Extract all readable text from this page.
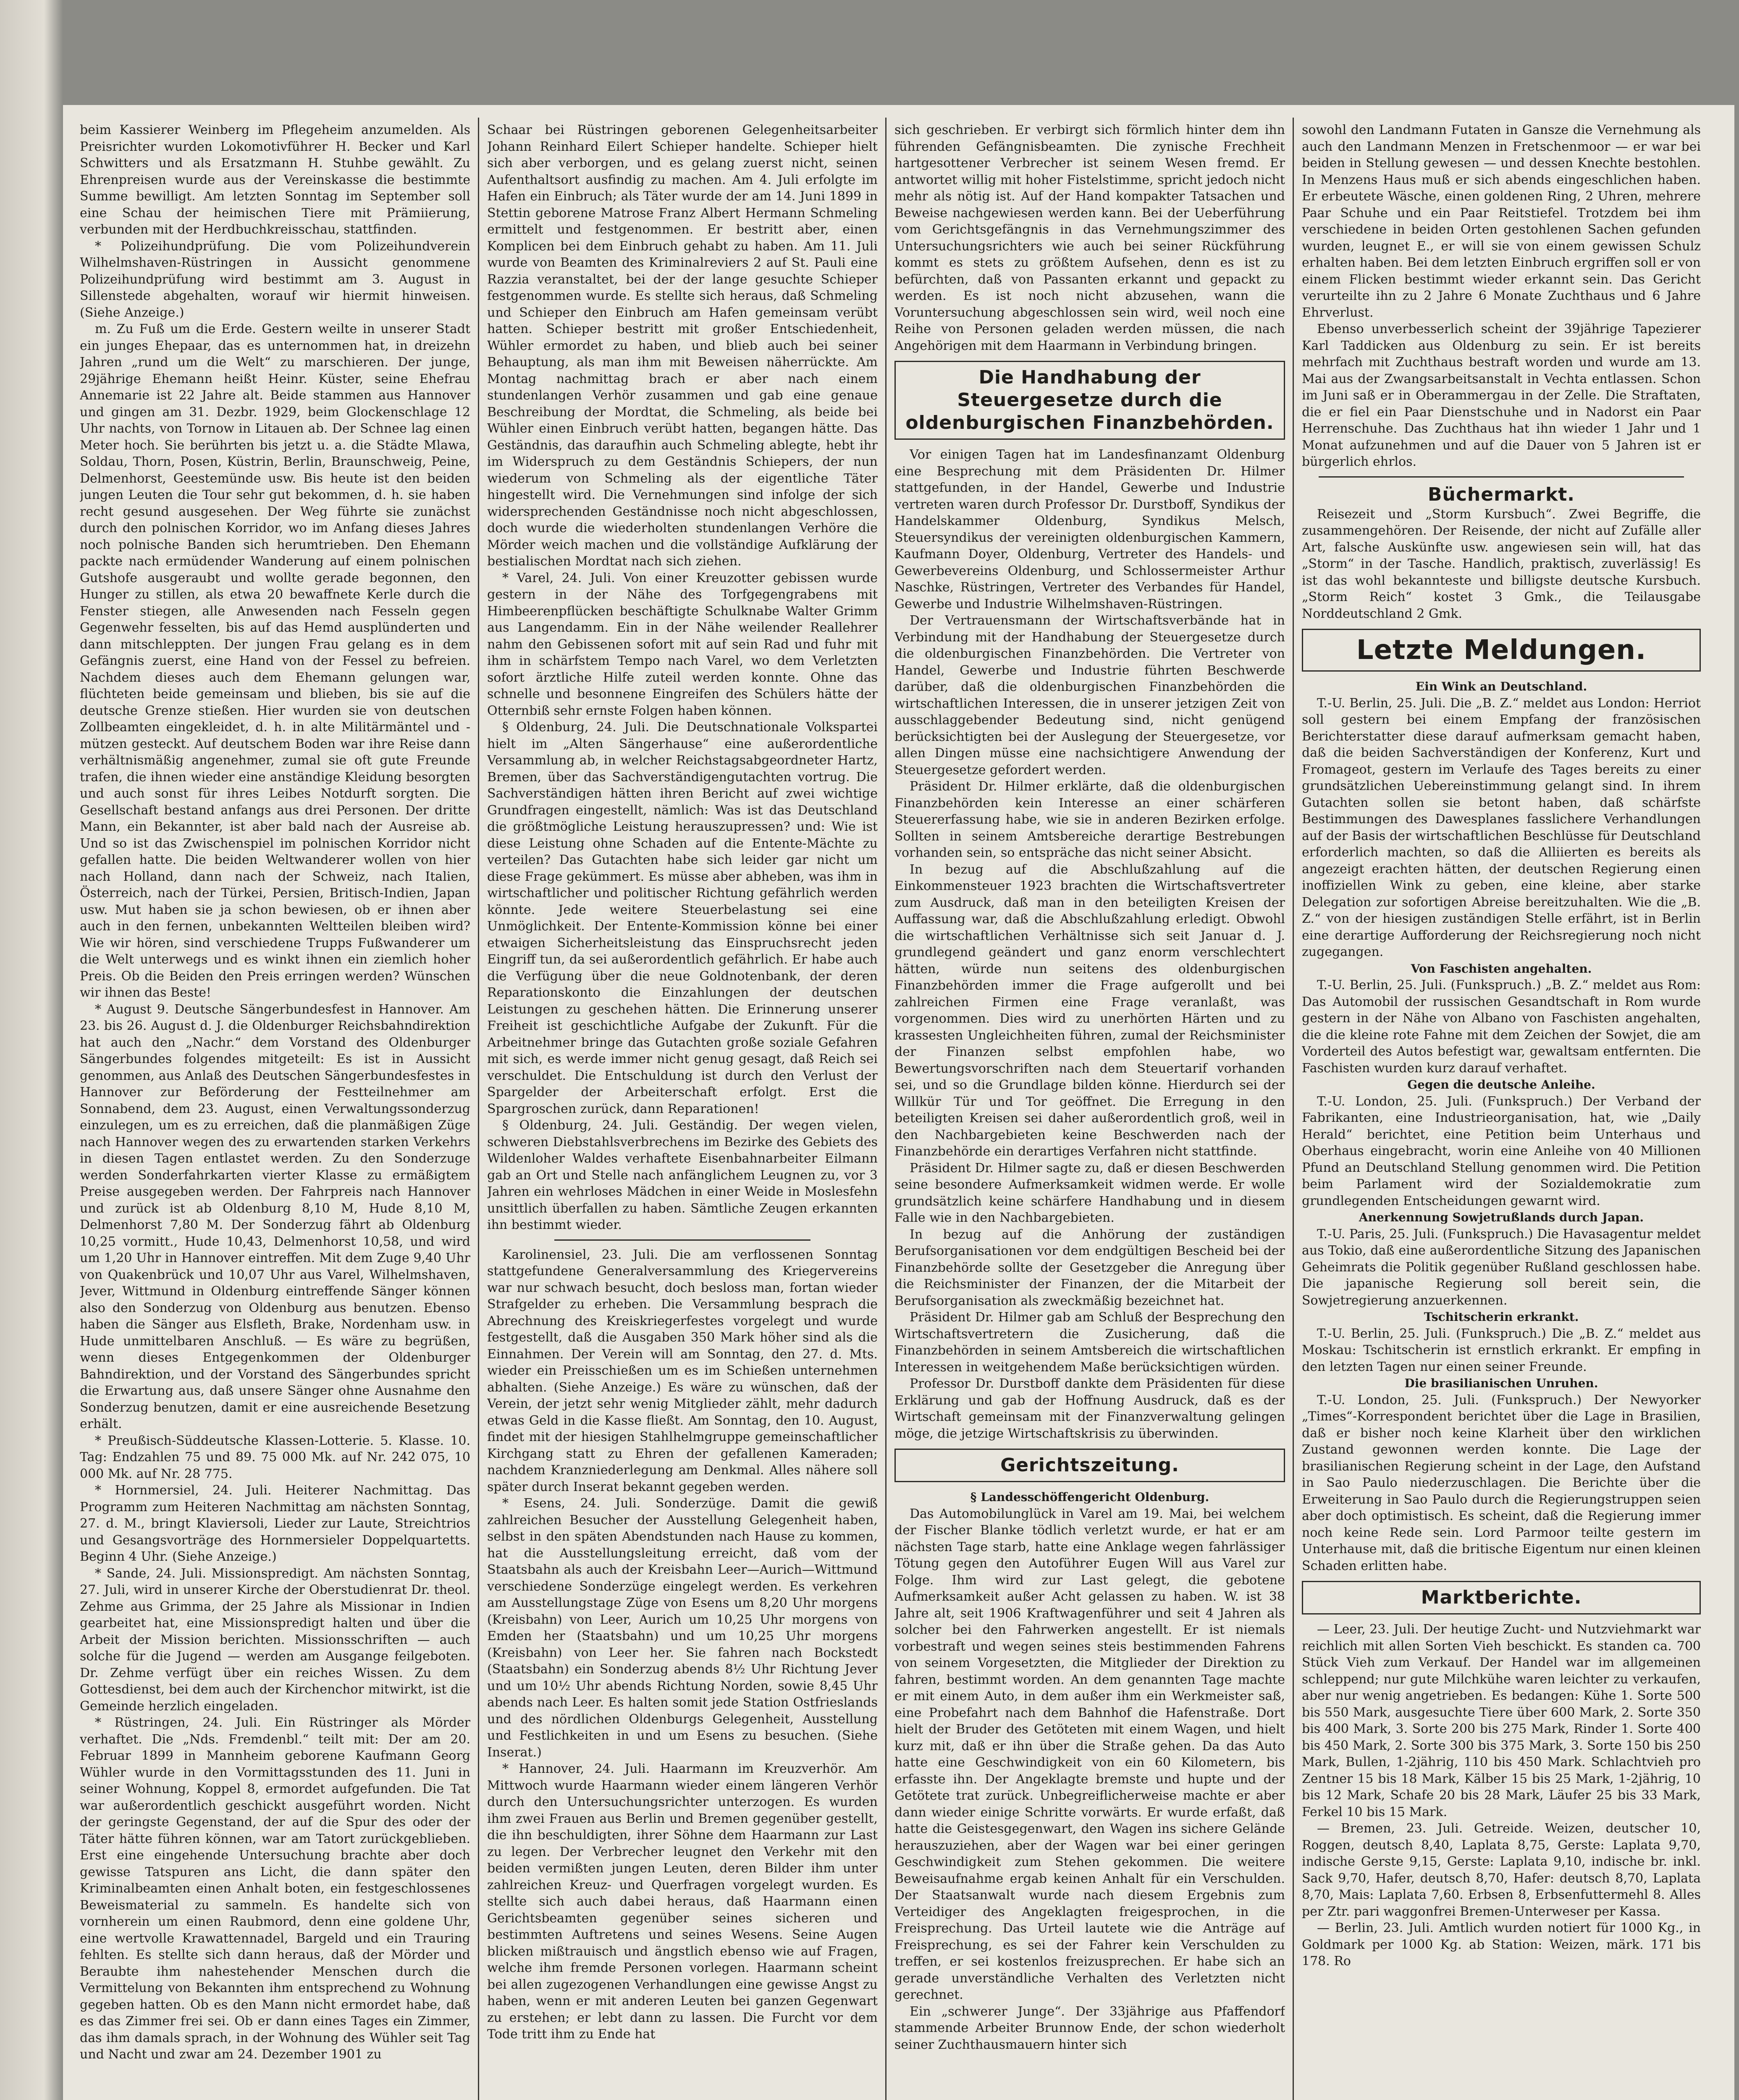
beim Kassierer Weinberg im Pflegeheim anzumelden. Als Preisrichter wurden Lokomotivführer H. Becker und Karl Schwitters und als Ersatzmann H. Stuhbe gewählt. Zu Ehrenpreisen wurde aus der Vereinskasse die bestimmte Summe bewilligt. Am letzten Sonntag im September soll eine Schau der heimischen Tiere mit Prämiierung, verbunden mit der Herdbuchkreisschau, stattfinden.

* Polizeihundprüfung. Die vom Polizeihundverein Wilhelmshaven-Rüstringen in Aussicht genommene Polizeihundprüfung wird bestimmt am 3. August in Sillenstede abgehalten, worauf wir hiermit hinweisen. (Siehe Anzeige.)

m. Zu Fuß um die Erde. Gestern weilte in unserer Stadt ein junges Ehepaar, das es unternommen hat, in dreizehn Jahren „rund um die Welt“ zu marschieren. Der junge, 29jährige Ehemann heißt Heinr. Küster, seine Ehefrau Annemarie ist 22 Jahre alt. Beide stammen aus Hannover und gingen am 31. Dezbr. 1929, beim Glockenschlage 12 Uhr nachts, von Tornow in Litauen ab. Der Schnee lag einen Meter hoch. Sie berührten bis jetzt u. a. die Städte Mlawa, Soldau, Thorn, Posen, Küstrin, Berlin, Braunschweig, Peine, Delmenhorst, Geestemünde usw. Bis heute ist den beiden jungen Leuten die Tour sehr gut bekommen, d. h. sie haben recht gesund ausgesehen. Der Weg führte sie zunächst durch den polnischen Korridor, wo im Anfang dieses Jahres noch polnische Banden sich herumtrieben. Den Ehemann packte nach ermüdender Wanderung auf einem polnischen Gutshofe ausgeraubt und wollte gerade begonnen, den Hunger zu stillen, als etwa 20 bewaffnete Kerle durch die Fenster stiegen, alle Anwesenden nach Fesseln gegen Gegenwehr fesselten, bis auf das Hemd ausplünderten und dann mitschleppten. Der jungen Frau gelang es in dem Gefängnis zuerst, eine Hand von der Fessel zu befreien. Nachdem dieses auch dem Ehemann gelungen war, flüchteten beide gemeinsam und blieben, bis sie auf die deutsche Grenze stießen. Hier wurden sie von deutschen Zollbeamten eingekleidet, d. h. in alte Militärmäntel und -mützen gesteckt. Auf deutschem Boden war ihre Reise dann verhältnismäßig angenehmer, zumal sie oft gute Freunde trafen, die ihnen wieder eine anständige Kleidung besorgten und auch sonst für ihres Leibes Notdurft sorgten. Die Gesellschaft bestand anfangs aus drei Personen. Der dritte Mann, ein Bekannter, ist aber bald nach der Ausreise ab. Und so ist das Zwischenspiel im polnischen Korridor nicht gefallen hatte. Die beiden Weltwanderer wollen von hier nach Holland, dann nach der Schweiz, nach Italien, Österreich, nach der Türkei, Persien, Britisch-Indien, Japan usw. Mut haben sie ja schon bewiesen, ob er ihnen aber auch in den fernen, unbekannten Weltteilen bleiben wird? Wie wir hören, sind verschiedene Trupps Fußwanderer um die Welt unterwegs und es winkt ihnen ein ziemlich hoher Preis. Ob die Beiden den Preis erringen werden? Wünschen wir ihnen das Beste!

* August 9. Deutsche Sängerbundesfest in Hannover. Am 23. bis 26. August d. J. die Oldenburger Reichsbahndirektion hat auch den „Nachr.“ dem Vorstand des Oldenburger Sängerbundes folgendes mitgeteilt: Es ist in Aussicht genommen, aus Anlaß des Deutschen Sängerbundesfestes in Hannover zur Beförderung der Festteilnehmer am Sonnabend, dem 23. August, einen Verwaltungssonderzug einzulegen, um es zu erreichen, daß die planmäßigen Züge nach Hannover wegen des zu erwartenden starken Verkehrs in diesen Tagen entlastet werden. Zu den Sonderzuge werden Sonderfahrkarten vierter Klasse zu ermäßigtem Preise ausgegeben werden. Der Fahrpreis nach Hannover und zurück ist ab Oldenburg 8,10 M, Hude 8,10 M, Delmenhorst 7,80 M. Der Sonderzug fährt ab Oldenburg 10,25 vormitt., Hude 10,43, Delmenhorst 10,58, und wird um 1,20 Uhr in Hannover eintreffen. Mit dem Zuge 9,40 Uhr von Quakenbrück und 10,07 Uhr aus Varel, Wilhelmshaven, Jever, Wittmund in Oldenburg eintreffende Sänger können also den Sonderzug von Oldenburg aus benutzen. Ebenso haben die Sänger aus Elsfleth, Brake, Nordenham usw. in Hude unmittelbaren Anschluß. — Es wäre zu begrüßen, wenn dieses Entgegenkommen der Oldenburger Bahndirektion, und der Vorstand des Sängerbundes spricht die Erwartung aus, daß unsere Sänger ohne Ausnahme den Sonderzug benutzen, damit er eine ausreichende Besetzung erhält.

* Preußisch-Süddeutsche Klassen-Lotterie. 5. Klasse. 10. Tag: Endzahlen 75 und 89. 75 000 Mk. auf Nr. 242 075, 10 000 Mk. auf Nr. 28 775.

* Hornmersiel, 24. Juli. Heiterer Nachmittag. Das Programm zum Heiteren Nachmittag am nächsten Sonntag, 27. d. M., bringt Klaviersoli, Lieder zur Laute, Streichtrios und Gesangsvorträge des Hornmersieler Doppelquartetts. Beginn 4 Uhr. (Siehe Anzeige.)

* Sande, 24. Juli. Missionspredigt. Am nächsten Sonntag, 27. Juli, wird in unserer Kirche der Oberstudienrat Dr. theol. Zehme aus Grimma, der 25 Jahre als Missionar in Indien gearbeitet hat, eine Missionspredigt halten und über die Arbeit der Mission berichten. Missionsschriften — auch solche für die Jugend — werden am Ausgange feilgeboten. Dr. Zehme verfügt über ein reiches Wissen. Zu dem Gottesdienst, bei dem auch der Kirchenchor mitwirkt, ist die Gemeinde herzlich eingeladen.

* Rüstringen, 24. Juli. Ein Rüstringer als Mörder verhaftet. Die „Nds. Fremdenbl.“ teilt mit: Der am 20. Februar 1899 in Mannheim geborene Kaufmann Georg Wühler wurde in den Vormittagsstunden des 11. Juni in seiner Wohnung, Koppel 8, ermordet aufgefunden. Die Tat war außerordentlich geschickt ausgeführt worden. Nicht der geringste Gegenstand, der auf die Spur des oder der Täter hätte führen können, war am Tatort zurückgeblieben. Erst eine eingehende Untersuchung brachte aber doch gewisse Tatspuren ans Licht, die dann später den Kriminalbeamten einen Anhalt boten, ein festgeschlossenes Beweismaterial zu sammeln. Es handelte sich von vornherein um einen Raubmord, denn eine goldene Uhr, eine wertvolle Krawattennadel, Bargeld und ein Trauring fehlten. Es stellte sich dann heraus, daß der Mörder und Beraubte ihm nahestehender Menschen durch die Vermittelung von Bekannten ihm entsprechend zu Wohnung gegeben hatten. Ob es den Mann nicht ermordet habe, daß es das Zimmer frei sei. Ob er dann eines Tages ein Zimmer, das ihm damals sprach, in der Wohnung des Wühler seit Tag und Nacht und zwar am 24. Dezember 1901 zu

Schaar bei Rüstringen geborenen Gelegenheitsarbeiter Johann Reinhard Eilert Schieper handelte. Schieper hielt sich aber verborgen, und es gelang zuerst nicht, seinen Aufenthaltsort ausfindig zu machen. Am 4. Juli erfolgte im Hafen ein Einbruch; als Täter wurde der am 14. Juni 1899 in Stettin geborene Matrose Franz Albert Hermann Schmeling ermittelt und festgenommen. Er bestritt aber, einen Komplicen bei dem Einbruch gehabt zu haben. Am 11. Juli wurde von Beamten des Kriminalreviers 2 auf St. Pauli eine Razzia veranstaltet, bei der der lange gesuchte Schieper festgenommen wurde. Es stellte sich heraus, daß Schmeling und Schieper den Einbruch am Hafen gemeinsam verübt hatten. Schieper bestritt mit großer Entschiedenheit, Wühler ermordet zu haben, und blieb auch bei seiner Behauptung, als man ihm mit Beweisen näherrückte. Am Montag nachmittag brach er aber nach einem stundenlangen Verhör zusammen und gab eine genaue Beschreibung der Mordtat, die Schmeling, als beide bei Wühler einen Einbruch verübt hatten, begangen hätte. Das Geständnis, das daraufhin auch Schmeling ablegte, hebt ihr im Widerspruch zu dem Geständnis Schiepers, der nun wiederum von Schmeling als der eigentliche Täter hingestellt wird. Die Vernehmungen sind infolge der sich widersprechenden Geständnisse noch nicht abgeschlossen, doch wurde die wiederholten stundenlangen Verhöre die Mörder weich machen und die vollständige Aufklärung der bestialischen Mordtat nach sich ziehen.

* Varel, 24. Juli. Von einer Kreuzotter gebissen wurde gestern in der Nähe des Torfgegengrabens mit Himbeerenpflücken beschäftigte Schulknabe Walter Grimm aus Langendamm. Ein in der Nähe weilender Reallehrer nahm den Gebissenen sofort mit auf sein Rad und fuhr mit ihm in schärfstem Tempo nach Varel, wo dem Verletzten sofort ärztliche Hilfe zuteil werden konnte. Ohne das schnelle und besonnene Eingreifen des Schülers hätte der Otternbiß sehr ernste Folgen haben können.

§ Oldenburg, 24. Juli. Die Deutschnationale Volkspartei hielt im „Alten Sängerhause“ eine außerordentliche Versammlung ab, in welcher Reichstagsabgeordneter Hartz, Bremen, über das Sachverständigengutachten vortrug. Die Sachverständigen hätten ihren Bericht auf zwei wichtige Grundfragen eingestellt, nämlich: Was ist das Deutschland die größtmögliche Leistung herauszupressen? und: Wie ist diese Leistung ohne Schaden auf die Entente-Mächte zu verteilen? Das Gutachten habe sich leider gar nicht um diese Frage gekümmert. Es müsse aber abheben, was ihm in wirtschaftlicher und politischer Richtung gefährlich werden könnte. Jede weitere Steuerbelastung sei eine Unmöglichkeit. Der Entente-Kommission könne bei einer etwaigen Sicherheitsleistung das Einspruchsrecht jeden Eingriff tun, da sei außerordentlich gefährlich. Er habe auch die Verfügung über die neue Goldnotenbank, der deren Reparationskonto die Einzahlungen der deutschen Leistungen zu geschehen hätten. Die Erinnerung unserer Freiheit ist geschichtliche Aufgabe der Zukunft. Für die Arbeitnehmer bringe das Gutachten große soziale Gefahren mit sich, es werde immer nicht genug gesagt, daß Reich sei verschuldet. Die Entschuldung ist durch den Verlust der Spargelder der Arbeiterschaft erfolgt. Erst die Spargroschen zurück, dann Reparationen!

§ Oldenburg, 24. Juli. Geständig. Der wegen vielen, schweren Diebstahlsverbrechens im Bezirke des Gebiets des Wildenloher Waldes verhaftete Eisenbahnarbeiter Eilmann gab an Ort und Stelle nach anfänglichem Leugnen zu, vor 3 Jahren ein wehrloses Mädchen in einer Weide in Moslesfehn unsittlich überfallen zu haben. Sämtliche Zeugen erkannten ihn bestimmt wieder.

Karolinensiel, 23. Juli. Die am verflossenen Sonntag stattgefundene Generalversammlung des Kriegervereins war nur schwach besucht, doch besloss man, fortan wieder Strafgelder zu erheben. Die Versammlung besprach die Abrechnung des Kreiskriegerfestes vorgelegt und wurde festgestellt, daß die Ausgaben 350 Mark höher sind als die Einnahmen. Der Verein will am Sonntag, den 27. d. Mts. wieder ein Preisschießen um es im Schießen unternehmen abhalten. (Siehe Anzeige.) Es wäre zu wünschen, daß der Verein, der jetzt sehr wenig Mitglieder zählt, mehr dadurch etwas Geld in die Kasse fließt. Am Sonntag, den 10. August, findet mit der hiesigen Stahlhelmgruppe gemeinschaftlicher Kirchgang statt zu Ehren der gefallenen Kameraden; nachdem Kranzniederlegung am Denkmal. Alles nähere soll später durch Inserat bekannt gegeben werden.

* Esens, 24. Juli. Sonderzüge. Damit die gewiß zahlreichen Besucher der Ausstellung Gelegenheit haben, selbst in den späten Abendstunden nach Hause zu kommen, hat die Ausstellungsleitung erreicht, daß vom der Staatsbahn als auch der Kreisbahn Leer—Aurich—Wittmund verschiedene Sonderzüge eingelegt werden. Es verkehren am Ausstellungstage Züge von Esens um 8,20 Uhr morgens (Kreisbahn) von Leer, Aurich um 10,25 Uhr morgens von Emden her (Staatsbahn) und um 10,25 Uhr morgens (Kreisbahn) von Leer her. Sie fahren nach Bockstedt (Staatsbahn) ein Sonderzug abends 8½ Uhr Richtung Jever und um 10½ Uhr abends Richtung Norden, sowie 8,45 Uhr abends nach Leer. Es halten somit jede Station Ostfrieslands und des nördlichen Oldenburgs Gelegenheit, Ausstellung und Festlichkeiten in und um Esens zu besuchen. (Siehe Inserat.)

* Hannover, 24. Juli. Haarmann im Kreuzverhör. Am Mittwoch wurde Haarmann wieder einem längeren Verhör durch den Untersuchungsrichter unterzogen. Es wurden ihm zwei Frauen aus Berlin und Bremen gegenüber gestellt, die ihn beschuldigten, ihrer Söhne dem Haarmann zur Last zu legen. Der Verbrecher leugnet den Verkehr mit den beiden vermißten jungen Leuten, deren Bilder ihm unter zahlreichen Kreuz- und Querfragen vorgelegt wurden. Es stellte sich auch dabei heraus, daß Haarmann einen Gerichtsbeamten gegenüber seines sicheren und bestimmten Auftretens und seines Wesens. Seine Augen blicken mißtrauisch und ängstlich ebenso wie auf Fragen, welche ihm fremde Personen vorlegen. Haarmann scheint bei allen zugezogenen Verhandlungen eine gewisse Angst zu haben, wenn er mit anderen Leuten bei ganzen Gegenwart zu erstehen; er lebt dann zu lassen. Die Furcht vor dem Tode tritt ihm zu Ende hat

sich geschrieben. Er verbirgt sich förmlich hinter dem ihn führenden Gefängnisbeamten. Die zynische Frechheit hartgesottener Verbrecher ist seinem Wesen fremd. Er antwortet willig mit hoher Fistelstimme, spricht jedoch nicht mehr als nötig ist. Auf der Hand kompakter Tatsachen und Beweise nachgewiesen werden kann. Bei der Ueberführung vom Gerichtsgefängnis in das Vernehmungszimmer des Untersuchungsrichters wie auch bei seiner Rückführung kommt es stets zu größtem Aufsehen, denn es ist zu befürchten, daß von Passanten erkannt und gepackt zu werden. Es ist noch nicht abzusehen, wann die Voruntersuchung abgeschlossen sein wird, weil noch eine Reihe von Personen geladen werden müssen, die nach Angehörigen mit dem Haarmann in Verbindung bringen.

Die Handhabung der Steuergesetze durch die oldenburgischen Finanzbehörden.

Vor einigen Tagen hat im Landesfinanzamt Oldenburg eine Besprechung mit dem Präsidenten Dr. Hilmer stattgefunden, in der Handel, Gewerbe und Industrie vertreten waren durch Professor Dr. Durstboff, Syndikus der Handelskammer Oldenburg, Syndikus Melsch, Steuersyndikus der vereinigten oldenburgischen Kammern, Kaufmann Doyer, Oldenburg, Vertreter des Handels- und Gewerbevereins Oldenburg, und Schlossermeister Arthur Naschke, Rüstringen, Vertreter des Verbandes für Handel, Gewerbe und Industrie Wilhelmshaven-Rüstringen.

Der Vertrauensmann der Wirtschaftsverbände hat in Verbindung mit der Handhabung der Steuergesetze durch die oldenburgischen Finanzbehörden. Die Vertreter von Handel, Gewerbe und Industrie führten Beschwerde darüber, daß die oldenburgischen Finanzbehörden die wirtschaftlichen Interessen, die in unserer jetzigen Zeit von ausschlaggebender Bedeutung sind, nicht genügend berücksichtigten bei der Auslegung der Steuergesetze, vor allen Dingen müsse eine nachsichtigere Anwendung der Steuergesetze gefordert werden.

Präsident Dr. Hilmer erklärte, daß die oldenburgischen Finanzbehörden kein Interesse an einer schärferen Steuererfassung habe, wie sie in anderen Bezirken erfolge. Sollten in seinem Amtsbereiche derartige Bestrebungen vorhanden sein, so entspräche das nicht seiner Absicht.

In bezug auf die Abschlußzahlung auf die Einkommensteuer 1923 brachten die Wirtschaftsvertreter zum Ausdruck, daß man in den beteiligten Kreisen der Auffassung war, daß die Abschlußzahlung erledigt. Obwohl die wirtschaftlichen Verhältnisse sich seit Januar d. J. grundlegend geändert und ganz enorm verschlechtert hätten, würde nun seitens des oldenburgischen Finanzbehörden immer die Frage aufgerollt und bei zahlreichen Firmen eine Frage veranlaßt, was vorgenommen. Dies wird zu unerhörten Härten und zu krassesten Ungleichheiten führen, zumal der Reichsminister der Finanzen selbst empfohlen habe, wo Bewertungsvorschriften nach dem Steuertarif vorhanden sei, und so die Grundlage bilden könne. Hierdurch sei der Willkür Tür und Tor geöffnet. Die Erregung in den beteiligten Kreisen sei daher außerordentlich groß, weil in den Nachbargebieten keine Beschwerden nach der Finanzbehörde ein derartiges Verfahren nicht stattfinde.

Präsident Dr. Hilmer sagte zu, daß er diesen Beschwerden seine besondere Aufmerksamkeit widmen werde. Er wolle grundsätzlich keine schärfere Handhabung und in diesem Falle wie in den Nachbargebieten.

In bezug auf die Anhörung der zuständigen Berufsorganisationen vor dem endgültigen Bescheid bei der Finanzbehörde sollte der Gesetzgeber die Anregung über die Reichsminister der Finanzen, der die Mitarbeit der Berufsorganisation als zweckmäßig bezeichnet hat.

Präsident Dr. Hilmer gab am Schluß der Besprechung den Wirtschaftsvertretern die Zusicherung, daß die Finanzbehörden in seinem Amtsbereich die wirtschaftlichen Interessen in weitgehendem Maße berücksichtigen würden.

Professor Dr. Durstboff dankte dem Präsidenten für diese Erklärung und gab der Hoffnung Ausdruck, daß es der Wirtschaft gemeinsam mit der Finanzverwaltung gelingen möge, die jetzige Wirtschaftskrisis zu überwinden.

Gerichtszeitung.

§ Landesschöffengericht Oldenburg.

Das Automobilunglück in Varel am 19. Mai, bei welchem der Fischer Blanke tödlich verletzt wurde, er hat er am nächsten Tage starb, hatte eine Anklage wegen fahrlässiger Tötung gegen den Autoführer Eugen Will aus Varel zur Folge. Ihm wird zur Last gelegt, die gebotene Aufmerksamkeit außer Acht gelassen zu haben. W. ist 38 Jahre alt, seit 1906 Kraftwagenführer und seit 4 Jahren als solcher bei den Fahrwerken angestellt. Er ist niemals vorbestraft und wegen seines steis bestimmenden Fahrens von seinem Vorgesetzten, die Mitglieder der Direktion zu fahren, bestimmt worden. An dem genannten Tage machte er mit einem Auto, in dem außer ihm ein Werkmeister saß, eine Probefahrt nach dem Bahnhof die Hafenstraße. Dort hielt der Bruder des Getöteten mit einem Wagen, und hielt kurz mit, daß er ihn über die Straße gehen. Da das Auto hatte eine Geschwindigkeit von ein 60 Kilometern, bis erfasste ihn. Der Angeklagte bremste und hupte und der Getötete trat zurück. Unbegreiflicherweise machte er aber dann wieder einige Schritte vorwärts. Er wurde erfaßt, daß hatte die Geistesgegenwart, den Wagen ins sichere Gelände herauszuziehen, aber der Wagen war bei einer geringen Geschwindigkeit zum Stehen gekommen. Die weitere Beweisaufnahme ergab keinen Anhalt für ein Verschulden. Der Staatsanwalt wurde nach diesem Ergebnis zum Verteidiger des Angeklagten freigesprochen, in die Freisprechung. Das Urteil lautete wie die Anträge auf Freisprechung, es sei der Fahrer kein Verschulden zu treffen, er sei kostenlos freizusprechen. Er habe sich an gerade unverständliche Verhalten des Verletzten nicht gerechnet.

Ein „schwerer Junge“. Der 33jährige aus Pfaffendorf stammende Arbeiter Brunnow Ende, der schon wiederholt seiner Zuchthausmauern hinter sich

sowohl den Landmann Futaten in Gansze die Vernehmung als auch den Landmann Menzen in Fretschenmoor — er war bei beiden in Stellung gewesen — und dessen Knechte bestohlen. In Menzens Haus muß er sich abends eingeschlichen haben. Er erbeutete Wäsche, einen goldenen Ring, 2 Uhren, mehrere Paar Schuhe und ein Paar Reitstiefel. Trotzdem bei ihm verschiedene in beiden Orten gestohlenen Sachen gefunden wurden, leugnet E., er will sie von einem gewissen Schulz erhalten haben. Bei dem letzten Einbruch ergriffen soll er von einem Flicken bestimmt wieder erkannt sein. Das Gericht verurteilte ihn zu 2 Jahre 6 Monate Zuchthaus und 6 Jahre Ehrverlust.

Ebenso unverbesserlich scheint der 39jährige Tapezierer Karl Taddicken aus Oldenburg zu sein. Er ist bereits mehrfach mit Zuchthaus bestraft worden und wurde am 13. Mai aus der Zwangsarbeitsanstalt in Vechta entlassen. Schon im Juni saß er in Oberammergau in der Zelle. Die Straftaten, die er fiel ein Paar Dienstschuhe und in Nadorst ein Paar Herrenschuhe. Das Zuchthaus hat ihn wieder 1 Jahr und 1 Monat aufzunehmen und auf die Dauer von 5 Jahren ist er bürgerlich ehrlos.

Büchermarkt.

Reisezeit und „Storm Kursbuch“. Zwei Begriffe, die zusammengehören. Der Reisende, der nicht auf Zufälle aller Art, falsche Auskünfte usw. angewiesen sein will, hat das „Storm“ in der Tasche. Handlich, praktisch, zuverlässig! Es ist das wohl bekannteste und billigste deutsche Kursbuch. „Storm Reich“ kostet 3 Gmk., die Teilausgabe Norddeutschland 2 Gmk.

Letzte Meldungen.

Ein Wink an Deutschland.

T.-U. Berlin, 25. Juli. Die „B. Z.“ meldet aus London: Herriot soll gestern bei einem Empfang der französischen Berichterstatter diese darauf aufmerksam gemacht haben, daß die beiden Sachverständigen der Konferenz, Kurt und Fromageot, gestern im Verlaufe des Tages bereits zu einer grundsätzlichen Uebereinstimmung gelangt sind. In ihrem Gutachten sollen sie betont haben, daß schärfste Bestimmungen des Dawesplanes fasslichere Verhandlungen auf der Basis der wirtschaftlichen Beschlüsse für Deutschland erforderlich machten, so daß die Alliierten es bereits als angezeigt erachten hätten, der deutschen Regierung einen inoffiziellen Wink zu geben, eine kleine, aber starke Delegation zur sofortigen Abreise bereitzuhalten. Wie die „B. Z.“ von der hiesigen zuständigen Stelle erfährt, ist in Berlin eine derartige Aufforderung der Reichsregierung noch nicht zugegangen.

Von Faschisten angehalten.

T.-U. Berlin, 25. Juli. (Funkspruch.) „B. Z.“ meldet aus Rom: Das Automobil der russischen Gesandtschaft in Rom wurde gestern in der Nähe von Albano von Faschisten angehalten, die die kleine rote Fahne mit dem Zeichen der Sowjet, die am Vorderteil des Autos befestigt war, gewaltsam entfernten. Die Faschisten wurden kurz darauf verhaftet.

Gegen die deutsche Anleihe.

T.-U. London, 25. Juli. (Funkspruch.) Der Verband der Fabrikanten, eine Industrieorganisation, hat, wie „Daily Herald“ berichtet, eine Petition beim Unterhaus und Oberhaus eingebracht, worin eine Anleihe von 40 Millionen Pfund an Deutschland Stellung genommen wird. Die Petition beim Parlament wird der Sozialdemokratie zum grundlegenden Entscheidungen gewarnt wird.

Anerkennung Sowjetrußlands durch Japan.

T.-U. Paris, 25. Juli. (Funkspruch.) Die Havasagentur meldet aus Tokio, daß eine außerordentliche Sitzung des Japanischen Geheimrats die Politik gegenüber Rußland geschlossen habe. Die japanische Regierung soll bereit sein, die Sowjetregierung anzuerkennen.

Tschitscherin erkrankt.

T.-U. Berlin, 25. Juli. (Funkspruch.) Die „B. Z.“ meldet aus Moskau: Tschitscherin ist ernstlich erkrankt. Er empfing in den letzten Tagen nur einen seiner Freunde.

Die brasilianischen Unruhen.

T.-U. London, 25. Juli. (Funkspruch.) Der Newyorker „Times“-Korrespondent berichtet über die Lage in Brasilien, daß er bisher noch keine Klarheit über den wirklichen Zustand gewonnen werden konnte. Die Lage der brasilianischen Regierung scheint in der Lage, den Aufstand in Sao Paulo niederzuschlagen. Die Berichte über die Erweiterung in Sao Paulo durch die Regierungstruppen seien aber doch optimistisch. Es scheint, daß die Regierung immer noch keine Rede sein. Lord Parmoor teilte gestern im Unterhause mit, daß die britische Eigentum nur einen kleinen Schaden erlitten habe.

Marktberichte.

— Leer, 23. Juli. Der heutige Zucht- und Nutzviehmarkt war reichlich mit allen Sorten Vieh beschickt. Es standen ca. 700 Stück Vieh zum Verkauf. Der Handel war im allgemeinen schleppend; nur gute Milchkühe waren leichter zu verkaufen, aber nur wenig angetrieben. Es bedangen: Kühe 1. Sorte 500 bis 550 Mark, ausgesuchte Tiere über 600 Mark, 2. Sorte 350 bis 400 Mark, 3. Sorte 200 bis 275 Mark, Rinder 1. Sorte 400 bis 450 Mark, 2. Sorte 300 bis 375 Mark, 3. Sorte 150 bis 250 Mark, Bullen, 1-2jährig, 110 bis 450 Mark. Schlachtvieh pro Zentner 15 bis 18 Mark, Kälber 15 bis 25 Mark, 1-2jährig, 10 bis 12 Mark, Schafe 20 bis 28 Mark, Läufer 25 bis 33 Mark, Ferkel 10 bis 15 Mark.

— Bremen, 23. Juli. Getreide. Weizen, deutscher 10, Roggen, deutsch 8,40, Laplata 8,75, Gerste: Laplata 9,70, indische Gerste 9,15, Gerste: Laplata 9,10, indische br. inkl. Sack 9,70, Hafer, deutsch 8,70, Hafer: deutsch 8,70, Laplata 8,70, Mais: Laplata 7,60. Erbsen 8, Erbsenfuttermehl 8. Alles per Ztr. pari waggonfrei Bremen-Unterweser per Kassa.

— Berlin, 23. Juli. Amtlich wurden notiert für 1000 Kg., in Goldmark per 1000 Kg. ab Station: Weizen, märk. 171 bis 178. Ro
